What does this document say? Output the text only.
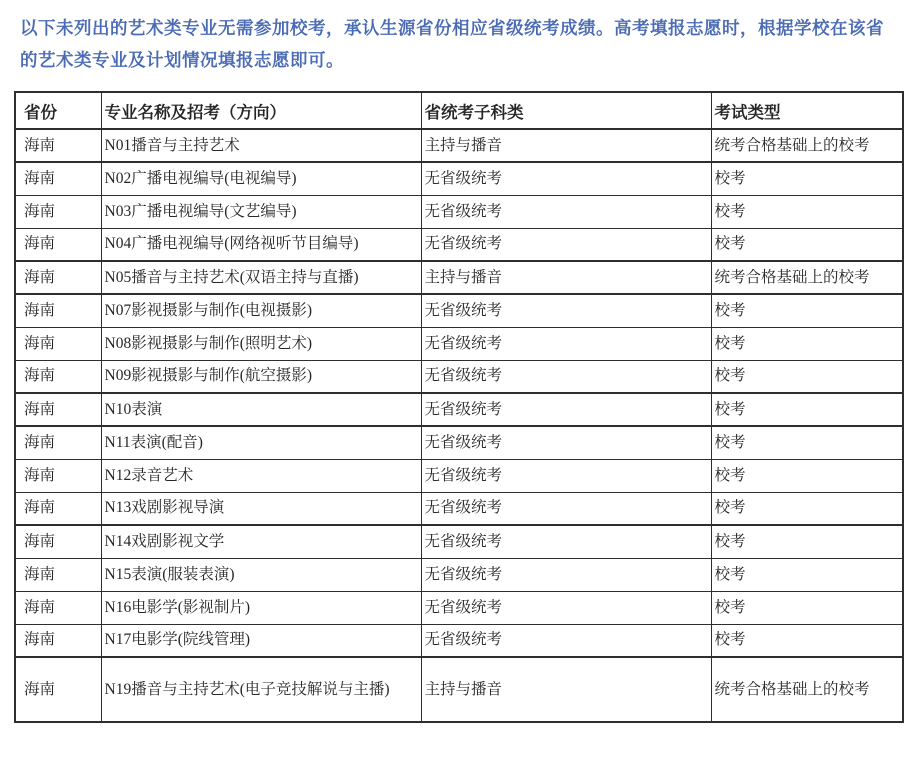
以下未列出的艺术类专业无需参加校考，承认生源省份相应省级统考成绩。高考填报志愿时，根据学校在该省的艺术类专业及计划情况填报志愿即可。

省份	专业名称及招考（方向）	省统考子科类	考试类型
海南	N01播音与主持艺术	主持与播音	统考合格基础上的校考
海南	N02广播电视编导(电视编导)	无省级统考	校考
海南	N03广播电视编导(文艺编导)	无省级统考	校考
海南	N04广播电视编导(网络视听节目编导)	无省级统考	校考
海南	N05播音与主持艺术(双语主持与直播)	主持与播音	统考合格基础上的校考
海南	N07影视摄影与制作(电视摄影)	无省级统考	校考
海南	N08影视摄影与制作(照明艺术)	无省级统考	校考
海南	N09影视摄影与制作(航空摄影)	无省级统考	校考
海南	N10表演	无省级统考	校考
海南	N11表演(配音)	无省级统考	校考
海南	N12录音艺术	无省级统考	校考
海南	N13戏剧影视导演	无省级统考	校考
海南	N14戏剧影视文学	无省级统考	校考
海南	N15表演(服装表演)	无省级统考	校考
海南	N16电影学(影视制片)	无省级统考	校考
海南	N17电影学(院线管理)	无省级统考	校考
海南	N19播音与主持艺术(电子竞技解说与主播)	主持与播音	统考合格基础上的校考
